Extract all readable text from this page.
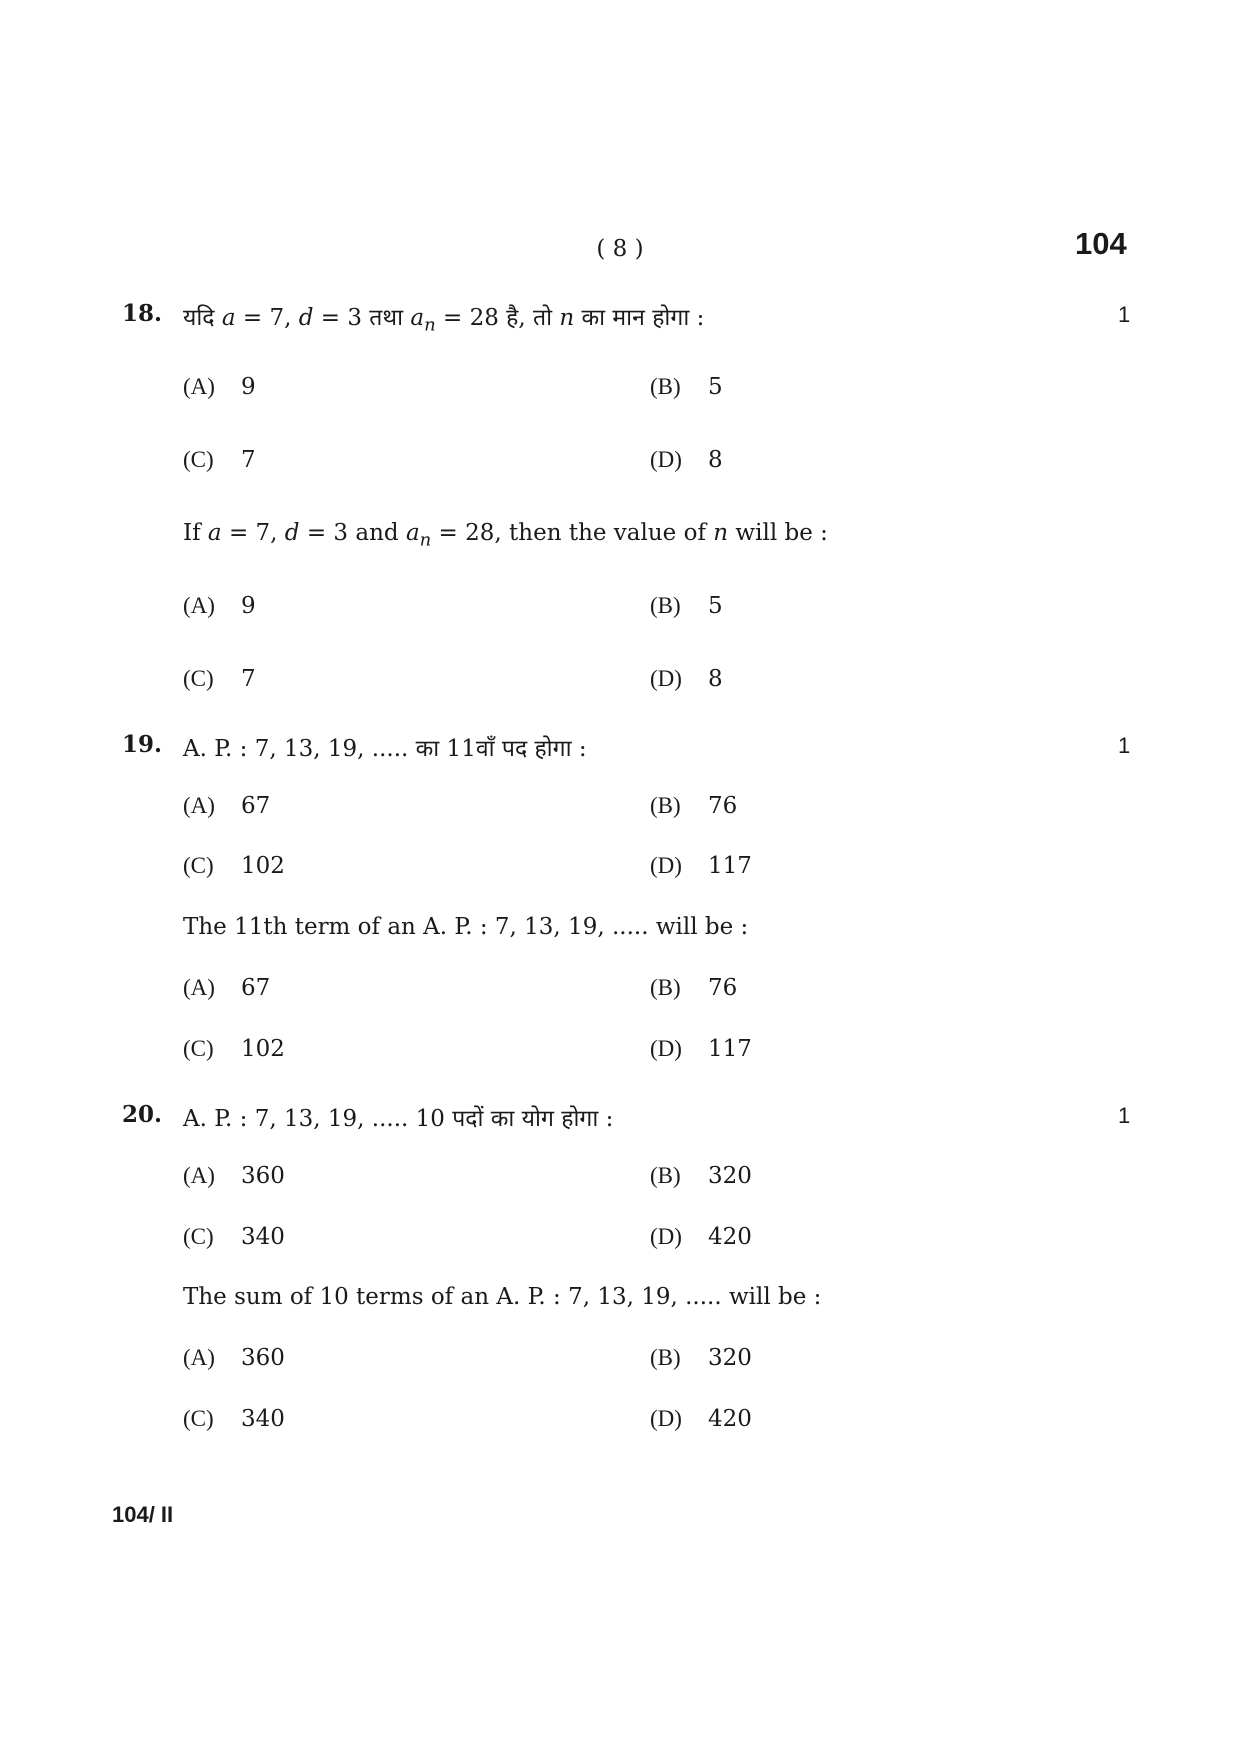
( 8 )	104
18. यदि a = 7, d = 3 तथा $a_n = 28$ है, तो n का मान होगा :	1
(A) 9	(B) 5
(C) 7	(D) 8
If a = 7, d = 3 and $a_n = 28$, then the value of n will be :
(A) 9	(B) 5
(C) 7	(D) 8
19. A. P. : 7, 13, 19, ..... का 11वाँ पद होगा :	1
(A) 67	(B) 76
(C) 102	(D) 117
The 11th term of an A. P. : 7, 13, 19, ..... will be :
(A) 67	(B) 76
(C) 102	(D) 117
20. A. P. : 7, 13, 19, ..... 10 पदों का योग होगा :	1
(A) 360	(B) 320
(C) 340	(D) 420
The sum of 10 terms of an A. P. : 7, 13, 19, ..... will be :
(A) 360	(B) 320
(C) 340	(D) 420
104/ II
